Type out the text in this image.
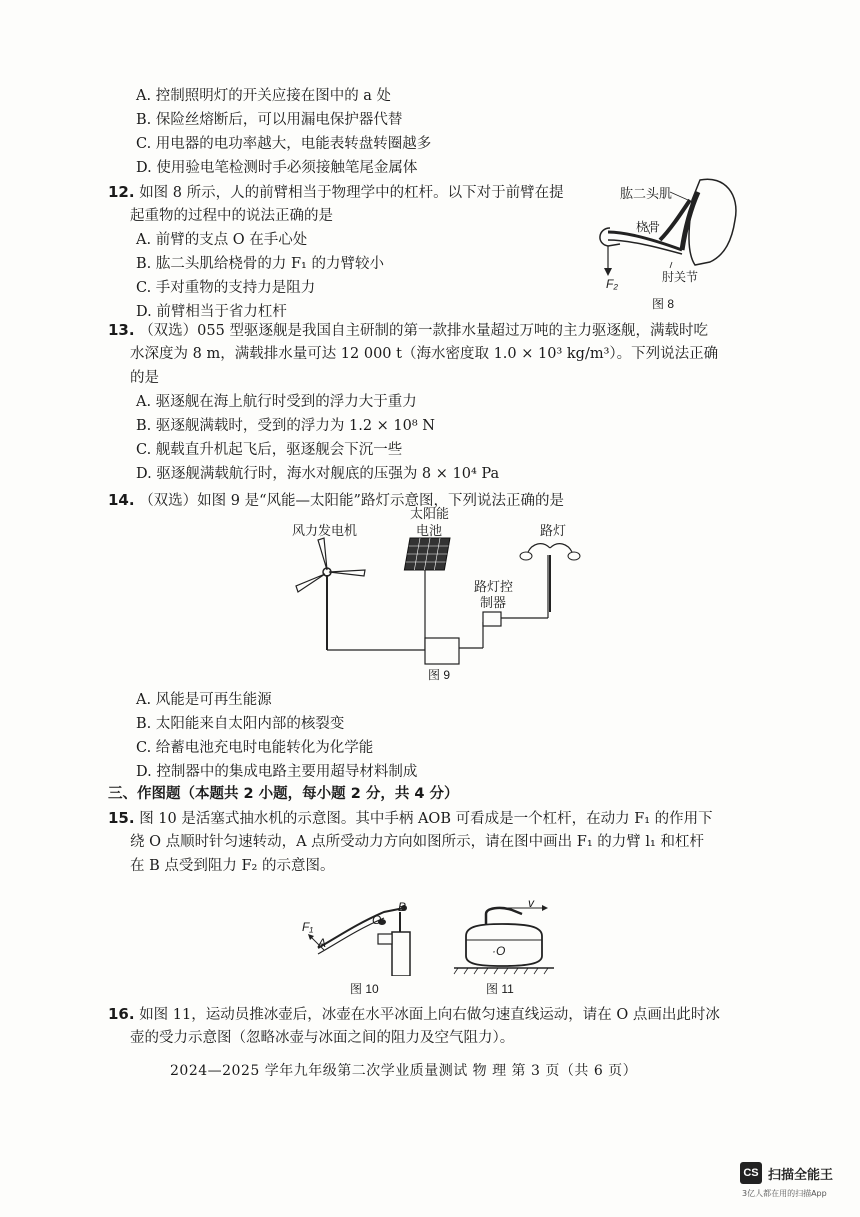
A. 控制照明灯的开关应接在图中的 a 处
B. 保险丝熔断后，可以用漏电保护器代替
C. 用电器的电功率越大，电能表转盘转圈越多
D. 使用验电笔检测时手必须接触笔尾金属体
12. 如图 8 所示，人的前臂相当于物理学中的杠杆。以下对于前臂在提
起重物的过程中的说法正确的是
A. 前臂的支点 O 在手心处
B. 肱二头肌给桡骨的力 F₁ 的力臂较小
C. 手对重物的支持力是阻力
D. 前臂相当于省力杠杆
肱二头肌
桡骨
肘关节
F₂
图 8
13. （双选）055 型驱逐舰是我国自主研制的第一款排水量超过万吨的主力驱逐舰，满载时吃
水深度为 8 m，满载排水量可达 12 000 t（海水密度取 1.0 × 10³ kg/m³）。下列说法正确
的是
A. 驱逐舰在海上航行时受到的浮力大于重力
B. 驱逐舰满载时，受到的浮力为 1.2 × 10⁸ N
C. 舰载直升机起飞后，驱逐舰会下沉一些
D. 驱逐舰满载航行时，海水对舰底的压强为 8 × 10⁴ Pa
14. （双选）如图 9 是“风能—太阳能”路灯示意图，下列说法正确的是
风力发电机
太阳能
电池	路灯
路灯控
制器
图 9
A. 风能是可再生能源
B. 太阳能来自太阳内部的核裂变
C. 给蓄电池充电时电能转化为化学能
D. 控制器中的集成电路主要用超导材料制成
三、作图题（本题共 2 小题，每小题 2 分，共 4 分）
15. 图 10 是活塞式抽水机的示意图。其中手柄 AOB 可看成是一个杠杆，在动力 F₁ 的作用下
绕 O 点顺时针匀速转动，A 点所受动力方向如图所示，请在图中画出 F₁ 的力臂 l₁ 和杠杆
在 B 点受到阻力 F₂ 的示意图。
F₁
A
O
B
图 10
v
·O
图 11
16. 如图 11，运动员推冰壶后，冰壶在水平冰面上向右做匀速直线运动，请在 O 点画出此时冰
壶的受力示意图（忽略冰壶与冰面之间的阻力及空气阻力）。
2024—2025 学年九年级第二次学业质量测试 物 理 第 3 页（共 6 页）
CS 扫描全能王
3亿人都在用的扫描App
